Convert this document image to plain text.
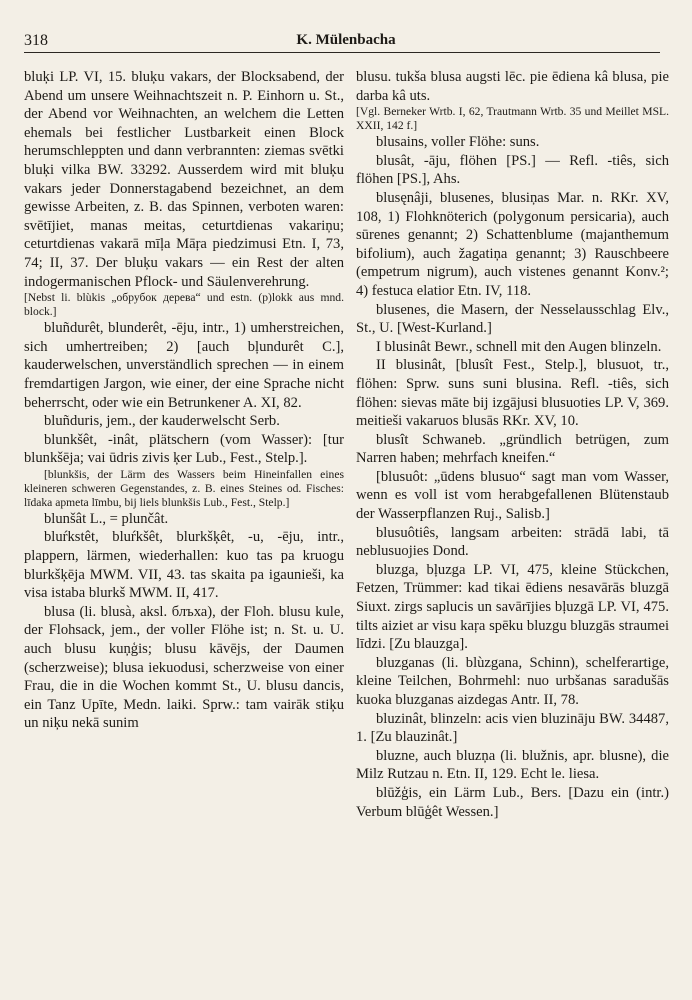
318	K. Mülenbacha

bluķi LP. VI, 15. bluķu vakars, der Blocksabend, der Abend um unsere Weihnachtszeit n. P. Einhorn u. St., der Abend vor Weihnachten, an welchem die Letten ehemals bei festlicher Lustbarkeit einen Block herumschleppten und dann verbrannten: ziemas svētki bluķi vilka BW. 33292. Ausserdem wird mit bluķu vakars jeder Donnerstagabend bezeichnet, an dem gewisse Arbeiten, z. B. das Spinnen, verboten waren: svētījiet, manas meitas, ceturtdienas vakariņu; ceturtdienas vakarā mīļa Māŗa piedzimusi Etn. I, 73, 74; II, 37. Der bluķu vakars — ein Rest der alten indogermanischen Pflock- und Säulenverehrung.

[Nebst li. blùkis „обрубок дерева“ und estn. (p)lokk aus mnd. block.]

bluñdurêt, blunderêt, -ēju, intr., 1) umherstreichen, sich umhertreiben; 2) [auch bļundurêt C.], kauderwelschen, unverständlich sprechen — in einem fremdartigen Jargon, wie einer, der eine Sprache nicht beherrscht, oder wie ein Betrunkener A. XI, 82.

bluñduris, jem., der kauderwelscht Serb.

blunkšêt, -inât, plätschern (vom Wasser): [tur blunkšēja; vai ūdris zivis ķer Lub., Fest., Stelp.].

[blunkšis, der Lärm des Wassers beim Hineinfallen eines kleineren schweren Gegenstandes, z. B. eines Steines od. Fisches: līdaka apmeta līmbu, bij liels blunkšis Lub., Fest., Stelp.]

blunšât L., = plunčât.

bluŕkstêt, bluŕkšêt, blurkšķêt, -u, -ēju, intr., plappern, lärmen, wiederhallen: kuo tas pa kruogu blurkšķēja MWM. VII, 43. tas skaita pa igaunieši, ka visa istaba blurkš MWM. II, 417.

blusa (li. blusà, aksl. блъха), der Floh. blusu kule, der Flohsack, jem., der voller Flöhe ist; n. St. u. U. auch blusu kuņģis; blusu kāvējs, der Daumen (scherzweise); blusa iekuodusi, scherzweise von einer Frau, die in die Wochen kommt St., U. blusu dancis, ein Tanz Upīte, Medn. laiki. Sprw.: tam vairāk stiķu un niķu nekā sunim

blusu. tukša blusa augsti lēc. pie ēdiena kâ blusa, pie darba kâ uts.

[Vgl. Berneker Wrtb. I, 62, Trautmann Wrtb. 35 und Meillet MSL. XXII, 142 f.]

blusains, voller Flöhe: suns.

blusât, -āju, flöhen [PS.] — Refl. -tiês, sich flöhen [PS.], Ahs.

blusęnâji, blusenes, blusiņas Mar. n. RKr. XV, 108, 1) Flohknöterich (polygonum persicaria), auch sūrenes genannt; 2) Schattenblume (majanthemum bifolium), auch žagatiņa genannt; 3) Rauschbeere (empetrum nigrum), auch vistenes genannt Konv.²; 4) festuca elatior Etn. IV, 118.

blusenes, die Masern, der Nesselausschlag Elv., St., U. [West-Kurland.]

I blusinât Bewr., schnell mit den Augen blinzeln.

II blusinât, [blusît Fest., Stelp.], blusuot, tr., flöhen: Sprw. suns suni blusina. Refl. -tiês, sich flöhen: sievas māte bij izgājusi blusuoties LP. V, 369. meitieši vakaruos blusās RKr. XV, 10.

blusît Schwaneb. „gründlich betrügen, zum Narren haben; mehrfach kneifen.“

[blusuôt: „ūdens blusuo“ sagt man vom Wasser, wenn es voll ist vom herabgefallenen Blütenstaub der Wasserpflanzen Ruj., Salisb.]

blusuôtiês, langsam arbeiten: strādā labi, tā neblusuojies Dond.

bluzga, bļuzga LP. VI, 475, kleine Stückchen, Fetzen, Trümmer: kad tikai ēdiens nesavārās bluzgā Siuxt. zirgs saplucis un savārījies bļuzgā LP. VI, 475. tilts aiziet ar visu kaŗa spēku bluzgu bluzgās straumei līdzi. [Zu blauzga].

bluzganas (li. blùzgana, Schinn), schelferartige, kleine Teilchen, Bohrmehl: nuo urbšanas saradušās kuoka bluzganas aizdegas Antr. II, 78.

bluzinât, blinzeln: acis vien bluzināju BW. 34487, 1. [Zu blauzinât.]

bluzne, auch bluzņa (li. blužnis, apr. blusne), die Milz Rutzau n. Etn. II, 129. Echt le. liesa.

blūžģis, ein Lärm Lub., Bers. [Dazu ein (intr.) Verbum blūģêt Wessen.]
